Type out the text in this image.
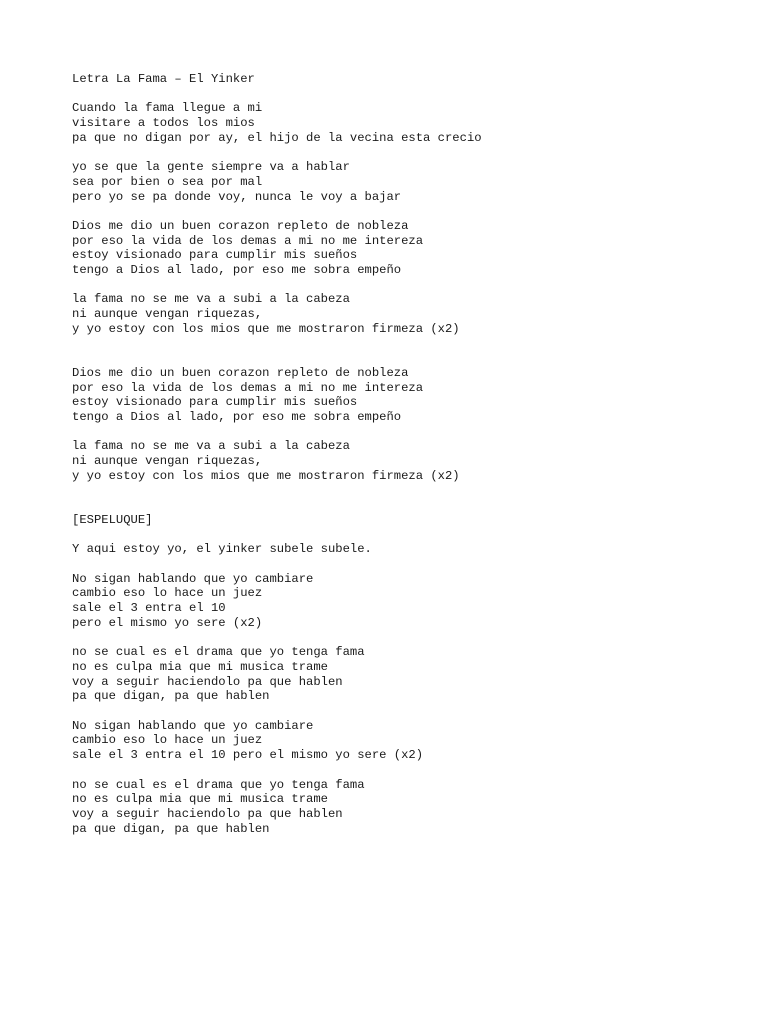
Letra La Fama – El Yinker
Cuando la fama llegue a mi
visitare a todos los mios
pa que no digan por ay, el hijo de la vecina esta crecio
yo se que la gente siempre va a hablar
sea por bien o sea por mal
pero yo se pa donde voy, nunca le voy a bajar
Dios me dio un buen corazon repleto de nobleza
por eso la vida de los demas a mi no me intereza
estoy visionado para cumplir mis sueños
tengo a Dios al lado, por eso me sobra empeño
la fama no se me va a subi a la cabeza
ni aunque vengan riquezas,
y yo estoy con los mios que me mostraron firmeza (x2)
Dios me dio un buen corazon repleto de nobleza
por eso la vida de los demas a mi no me intereza
estoy visionado para cumplir mis sueños
tengo a Dios al lado, por eso me sobra empeño
la fama no se me va a subi a la cabeza
ni aunque vengan riquezas,
y yo estoy con los mios que me mostraron firmeza (x2)
[ESPELUQUE]
Y aqui estoy yo, el yinker subele subele.
No sigan hablando que yo cambiare
cambio eso lo hace un juez
sale el 3 entra el 10
pero el mismo yo sere (x2)
no se cual es el drama que yo tenga fama
no es culpa mia que mi musica trame
voy a seguir haciendolo pa que hablen
pa que digan, pa que hablen
No sigan hablando que yo cambiare
cambio eso lo hace un juez
sale el 3 entra el 10 pero el mismo yo sere (x2)
no se cual es el drama que yo tenga fama
no es culpa mia que mi musica trame
voy a seguir haciendolo pa que hablen
pa que digan, pa que hablen
